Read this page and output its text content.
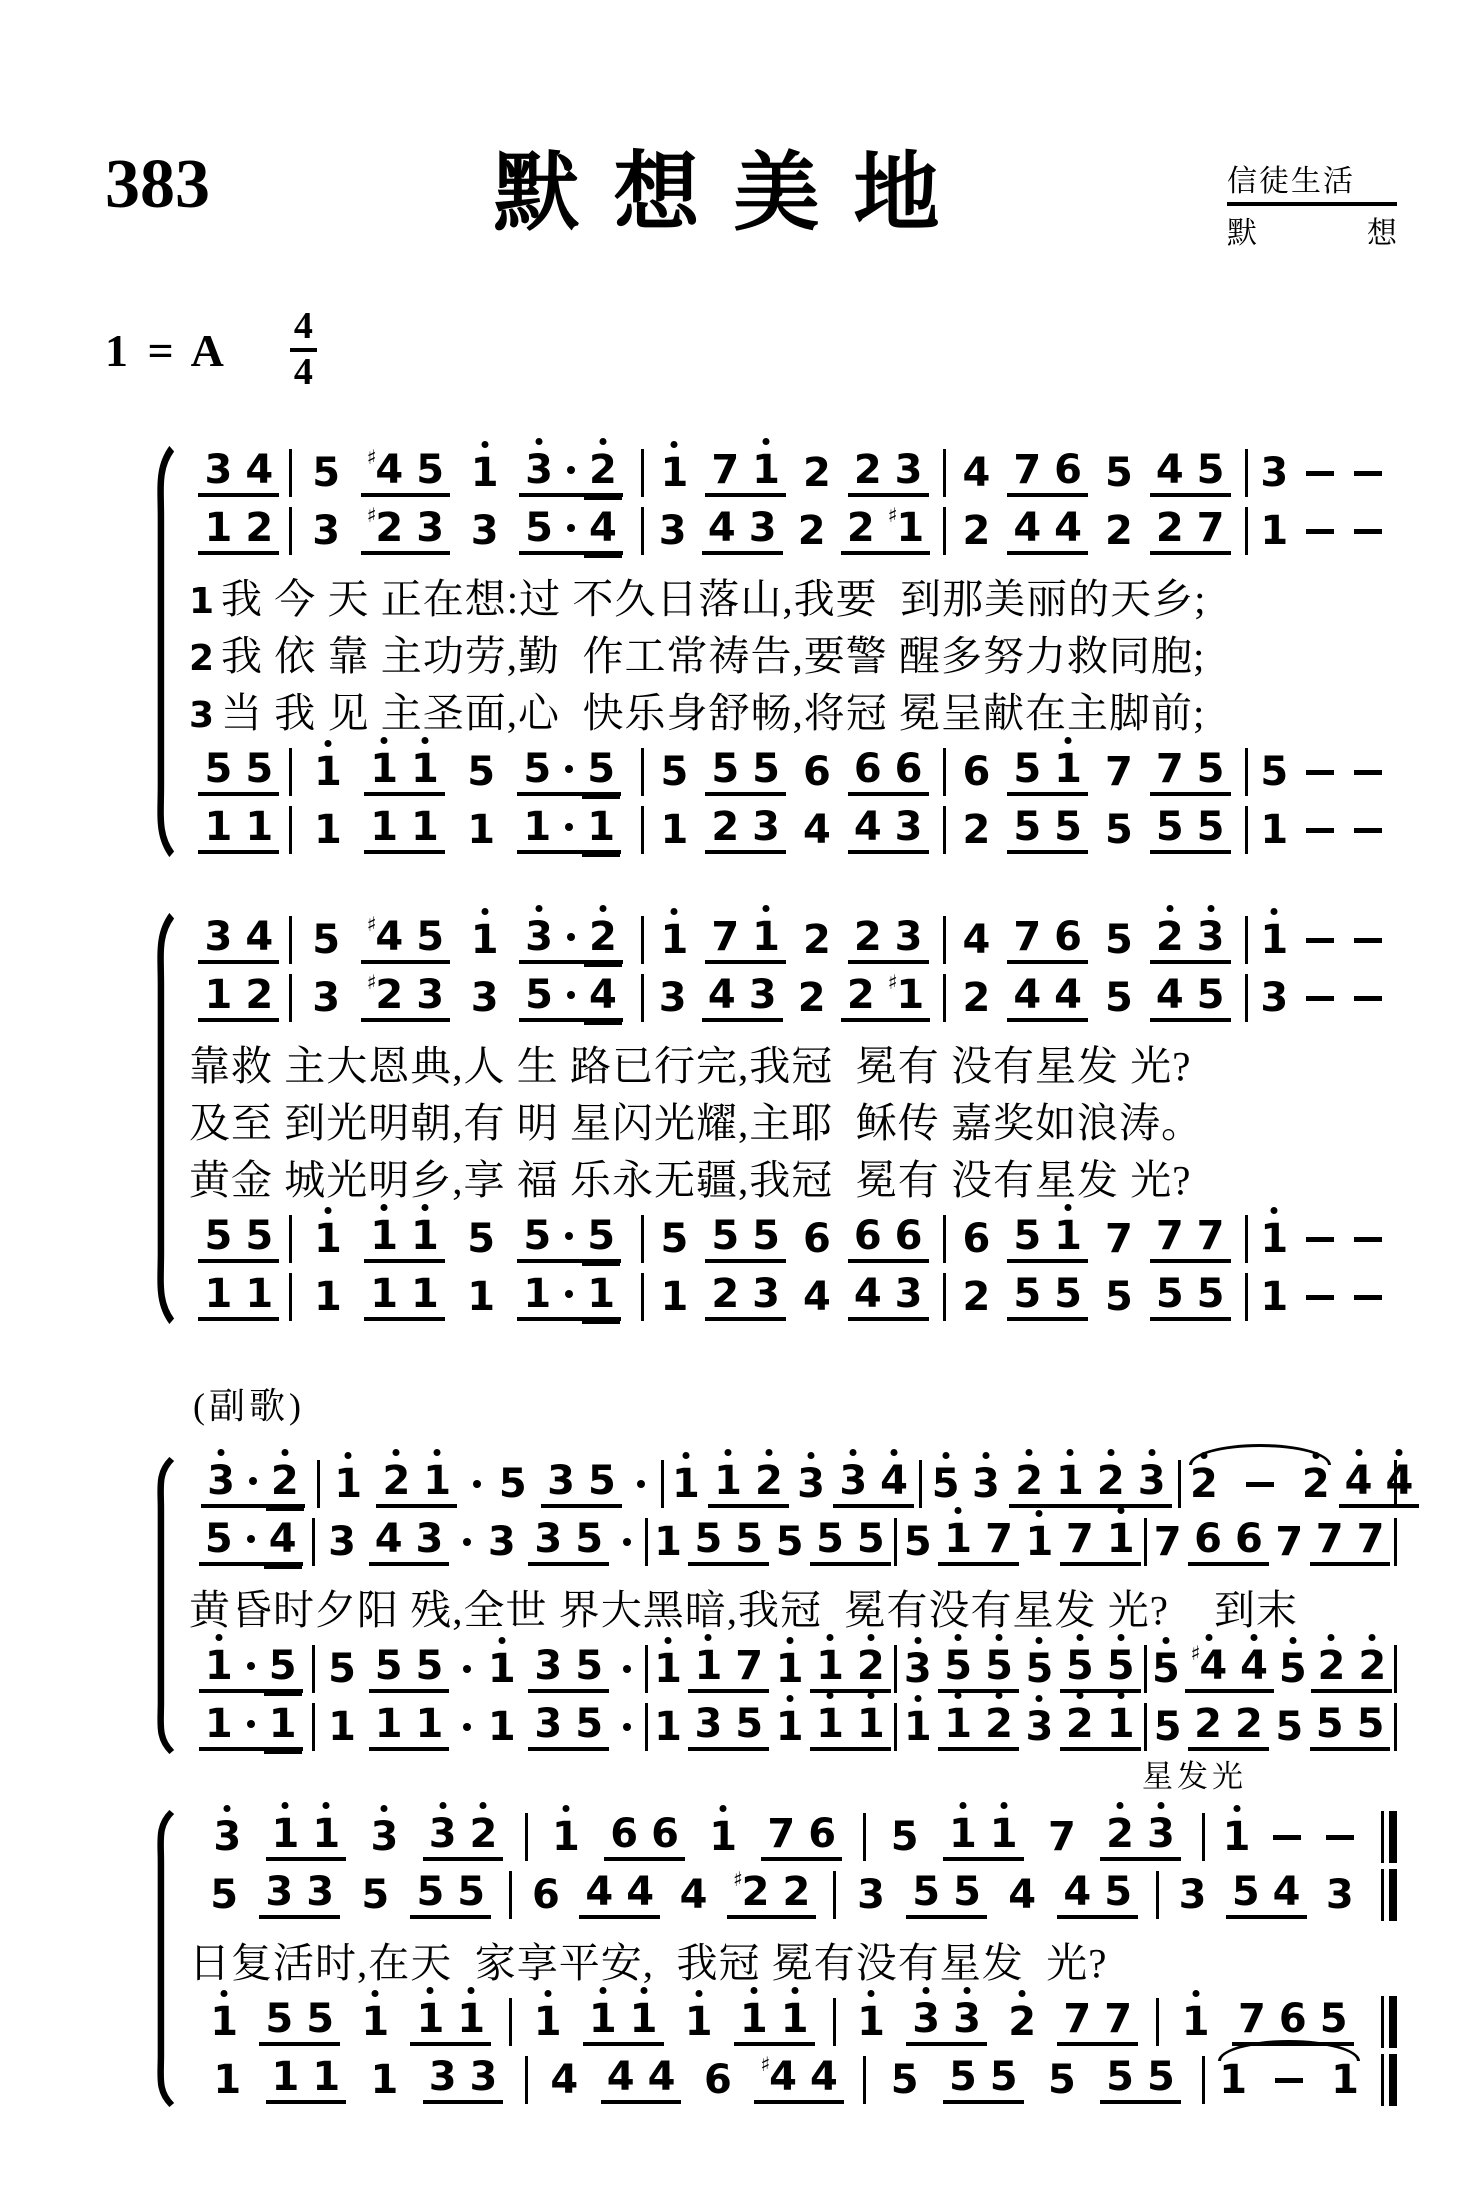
383	默想美地	信徒生活
默	想
1 = A 4
4
3 4 5 ♯ 4 5 1 3 2 1 7 1 2 2 3 4 7 6 5 4 5 3
1 2 3 ♯ 2 3 3 5 4 3 4 3 2 2 ♯ 1 2 4 4 2 2 7 1
1 我 今 天 正在想:过 不久日落山,我要  到那美丽的天乡;
2 我 依 靠 主功劳,勤  作工常祷告,要警 醒多努力救同胞;
3 当 我 见 主圣面,心  快乐身舒畅,将冠 冕呈献在主脚前;
5 5 1 1 1 5 5 5 5 5 5 6 6 6 6 5 1 7 7 5 5
1 1 1 1 1 1 1 1 1 2 3 4 4 3 2 5 5 5 5 5 1
3 4 5 ♯ 4 5 1 3 2 1 7 1 2 2 3 4 7 6 5 2 3 1
1 2 3 ♯ 2 3 3 5 4 3 4 3 2 2 ♯ 1 2 4 4 5 4 5 3
靠救 主大恩典,人 生 路已行完,我冠  冕有 没有星发 光?
及至 到光明朝,有 明 星闪光耀,主耶  稣传 嘉奖如浪涛。
黄金 城光明乡,享 福 乐永无疆,我冠  冕有 没有星发 光?
5 5 1 1 1 5 5 5 5 5 5 6 6 6 6 5 1 7 7 7 1
1 1 1 1 1 1 1 1 1 2 3 4 4 3 2 5 5 5 5 5 1
(副歌)
3 2 1 2 1 5 3 5 1 1 2 3 3 4 5 3 2 1 2 3 2 2 4 4
5 4 3 4 3 3 3 5 1 5 5 5 5 5 5 1 7 1 7 1 7 6 6 7 7 7
黄昏时夕阳 残,全世 界大黑暗,我冠  冕有没有星发 光?    到末
1 5 5 5 5 1 3 5 1 1 7 1 1 2 3 5 5 5 5 5 5 ♯ 4 4 5 2 2
1 1 1 1 1 1 3 5 1 3 5 1 1 1 1 1 2 3 2 1 5 2 2 5 5 5
星发光
3 1 1 3 3 2 1 6 6 1 7 6 5 1 1 7 2 3 1
5 3 3 5 5 5 6 4 4 4 ♯ 2 2 3 5 5 4 4 5 3 5 4 3
日复活时,在天  家享平安,  我冠 冕有没有星发  光?
1 5 5 1 1 1 1 1 1 1 1 1 1 3 3 2 7 7 1 7 6 5
1 1 1 1 3 3 4 4 4 6 ♯ 4 4 5 5 5 5 5 5 1 1
